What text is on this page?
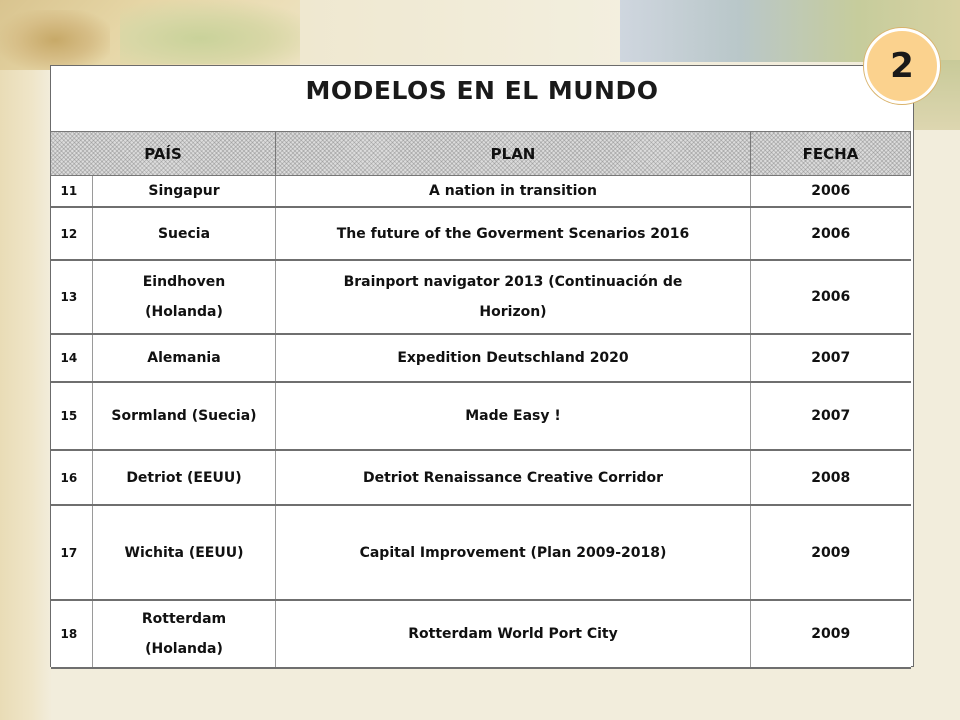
MODELOS EN EL MUNDO
2
PAÍS		PLAN	FECHA
11	Singapur	A nation in transition	2006
12	Suecia	The future of the Goverment Scenarios 2016	2006
13	Eindhoven (Holanda)	Brainport navigator 2013 (Continuación de Horizon)	2006
14	Alemania	Expedition Deutschland 2020	2007
15	Sormland (Suecia)	Made Easy !	2007
16	Detriot (EEUU)	Detriot Renaissance Creative Corridor	2008
17	Wichita (EEUU)	Capital Improvement (Plan 2009-2018)	2009
18	Rotterdam (Holanda)	Rotterdam World Port City	2009
